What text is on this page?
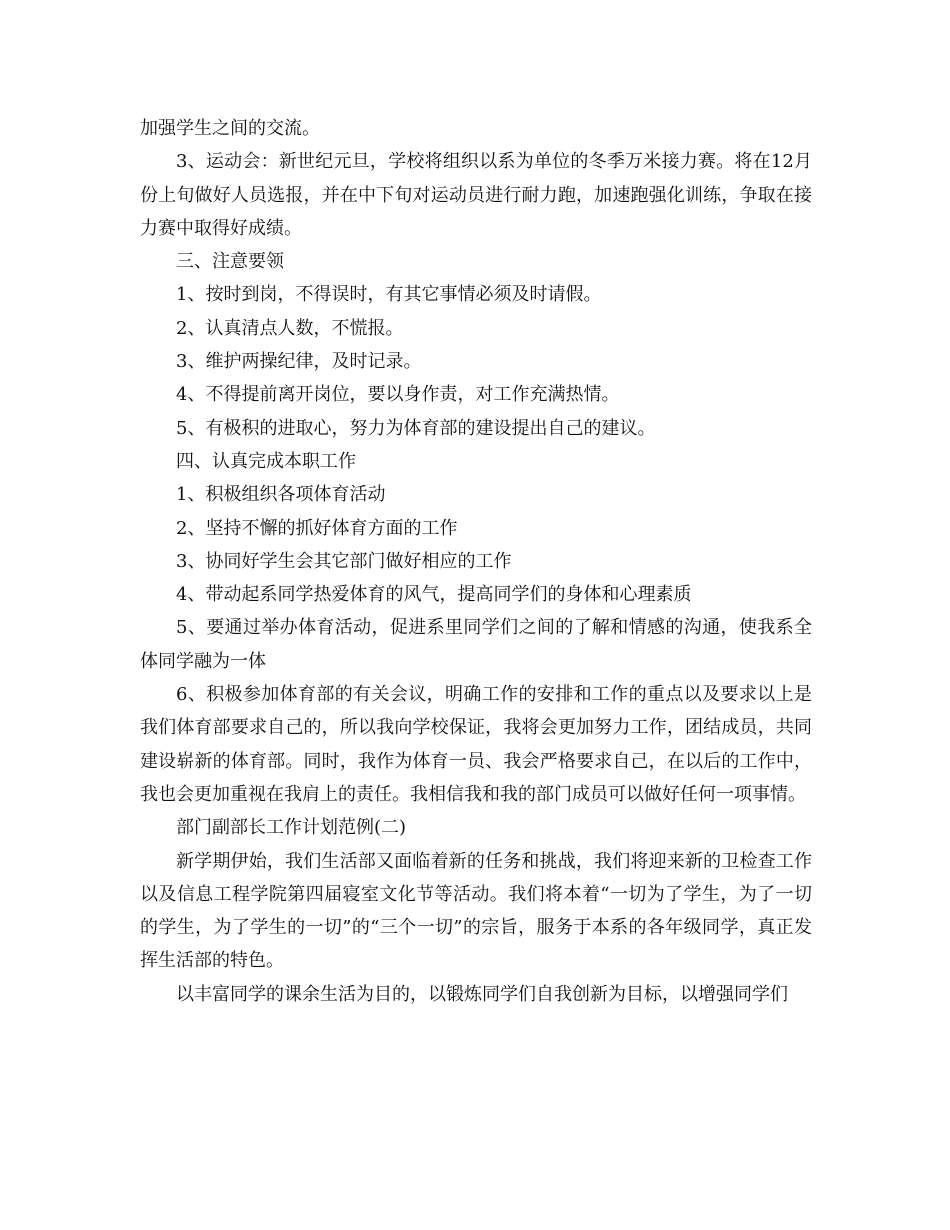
加强学生之间的交流。

3、运动会：新世纪元旦，学校将组织以系为单位的冬季万米接力赛。将在12月份上旬做好人员选报，并在中下旬对运动员进行耐力跑，加速跑强化训练，争取在接力赛中取得好成绩。

三、注意要领

1、按时到岗，不得误时，有其它事情必须及时请假。

2、认真清点人数，不慌报。

3、维护两操纪律，及时记录。

4、不得提前离开岗位，要以身作责，对工作充满热情。

5、有极积的进取心，努力为体育部的建设提出自己的建议。

四、认真完成本职工作

1、积极组织各项体育活动

2、坚持不懈的抓好体育方面的工作

3、协同好学生会其它部门做好相应的工作

4、带动起系同学热爱体育的风气，提高同学们的身体和心理素质

5、要通过举办体育活动，促进系里同学们之间的了解和情感的沟通，使我系全体同学融为一体

6、积极参加体育部的有关会议，明确工作的安排和工作的重点以及要求以上是我们体育部要求自己的，所以我向学校保证，我将会更加努力工作，团结成员，共同建设崭新的体育部。同时，我作为体育一员、我会严格要求自己，在以后的工作中，我也会更加重视在我肩上的责任。我相信我和我的部门成员可以做好任何一项事情。

部门副部长工作计划范例(二)

新学期伊始，我们生活部又面临着新的任务和挑战，我们将迎来新的卫检查工作以及信息工程学院第四届寝室文化节等活动。我们将本着“一切为了学生，为了一切的学生，为了学生的一切”的“三个一切”的宗旨，服务于本系的各年级同学，真正发挥生活部的特色。

以丰富同学的课余生活为目的，以锻炼同学们自我创新为目标，以增强同学们
